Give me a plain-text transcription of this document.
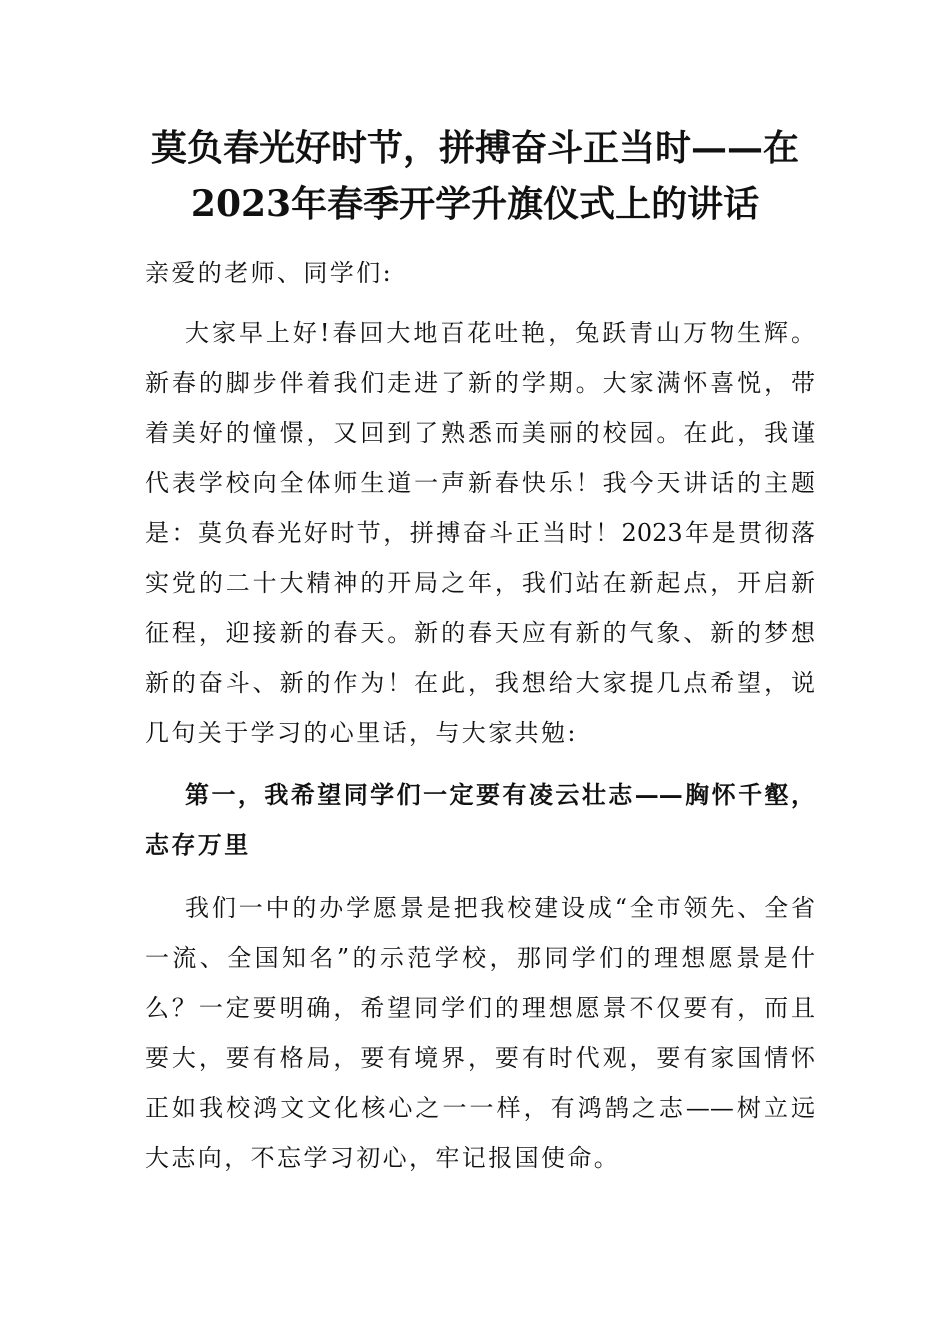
莫负春光好时节，拼搏奋斗正当时——在
2023年春季开学升旗仪式上的讲话

亲爱的老师、同学们:

大家早上好!春回大地百花吐艳，兔跃青山万物生辉。

新春的脚步伴着我们走进了新的学期。大家满怀喜悦，带

着美好的憧憬，又回到了熟悉而美丽的校园。在此，我谨

代表学校向全体师生道一声新春快乐！我今天讲话的主题

是：莫负春光好时节，拼搏奋斗正当时！2023年是贯彻落

实党的二十大精神的开局之年，我们站在新起点，开启新

征程，迎接新的春天。新的春天应有新的气象、新的梦想

新的奋斗、新的作为！在此，我想给大家提几点希望，说

几句关于学习的心里话，与大家共勉:

第一，我希望同学们一定要有凌云壮志——胸怀千壑，

志存万里

我们一中的办学愿景是把我校建设成“全市领先、全省

一流、全国知名”的示范学校，那同学们的理想愿景是什

么？一定要明确，希望同学们的理想愿景不仅要有，而且

要大，要有格局，要有境界，要有时代观，要有家国情怀

正如我校鸿文文化核心之一一样，有鸿鹄之志——树立远

大志向，不忘学习初心，牢记报国使命。
